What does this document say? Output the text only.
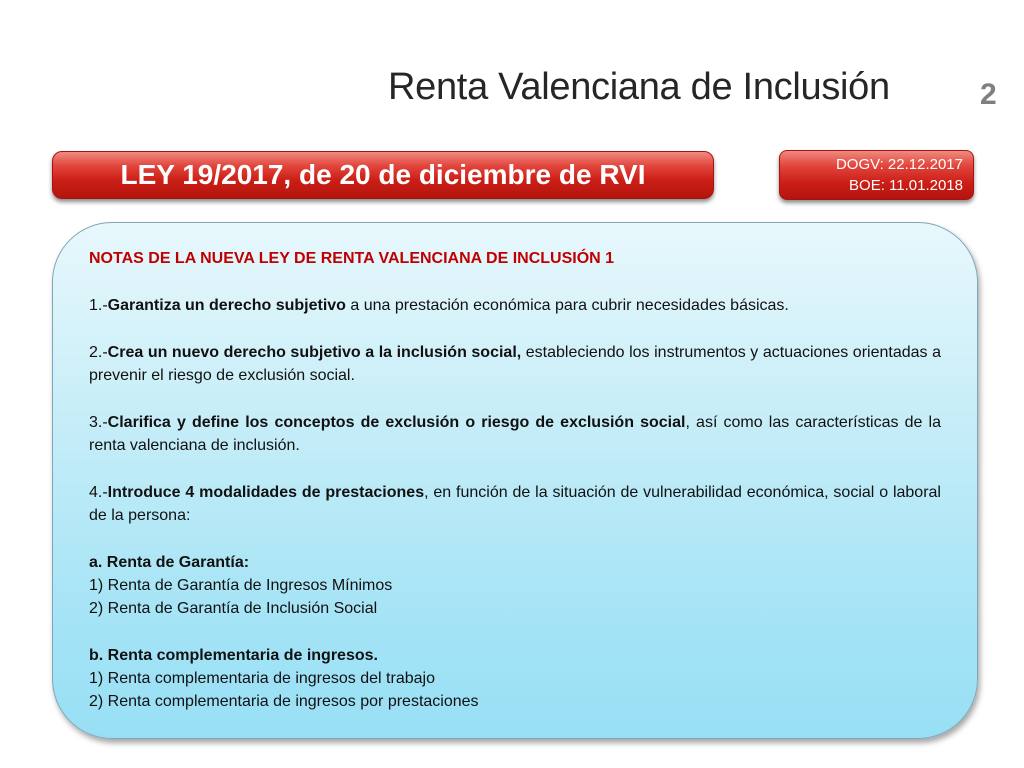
Renta Valenciana de Inclusión	2
LEY 19/2017, de 20 de diciembre de RVI	DOGV: 22.12.2017
BOE: 11.01.2018
NOTAS DE LA NUEVA LEY DE RENTA VALENCIANA DE INCLUSIÓN 1
1.-Garantiza un derecho subjetivo a una prestación económica para cubrir necesidades básicas.
2.-Crea un nuevo derecho subjetivo a la inclusión social, estableciendo los instrumentos y actuaciones orientadas a prevenir el riesgo de exclusión social.
3.-Clarifica y define los conceptos de exclusión o riesgo de exclusión social, así como las características de la renta valenciana de inclusión.
4.-Introduce 4 modalidades de prestaciones, en función de la situación de vulnerabilidad económica, social o laboral de la persona:
a. Renta de Garantía:
1) Renta de Garantía de Ingresos Mínimos
2) Renta de Garantía de Inclusión Social
b. Renta complementaria de ingresos.
1) Renta complementaria de ingresos del trabajo
2) Renta complementaria de ingresos por prestaciones
